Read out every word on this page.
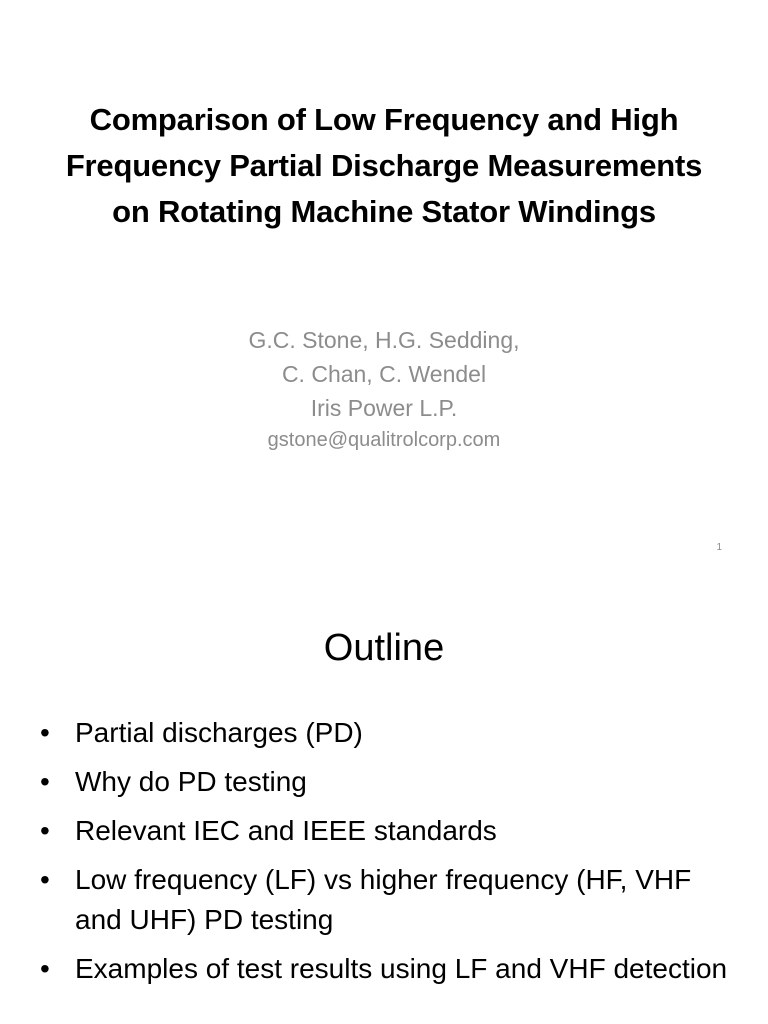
Comparison of Low Frequency and High
Frequency Partial Discharge Measurements
on Rotating Machine Stator Windings
G.C. Stone, H.G. Sedding,
C. Chan, C. Wendel
Iris Power L.P.
gstone@qualitrolcorp.com
1
Outline
• Partial discharges (PD)
• Why do PD testing
• Relevant IEC and IEEE standards
• Low frequency (LF) vs higher frequency (HF, VHF and UHF) PD testing
• Examples of test results using LF and VHF detection
